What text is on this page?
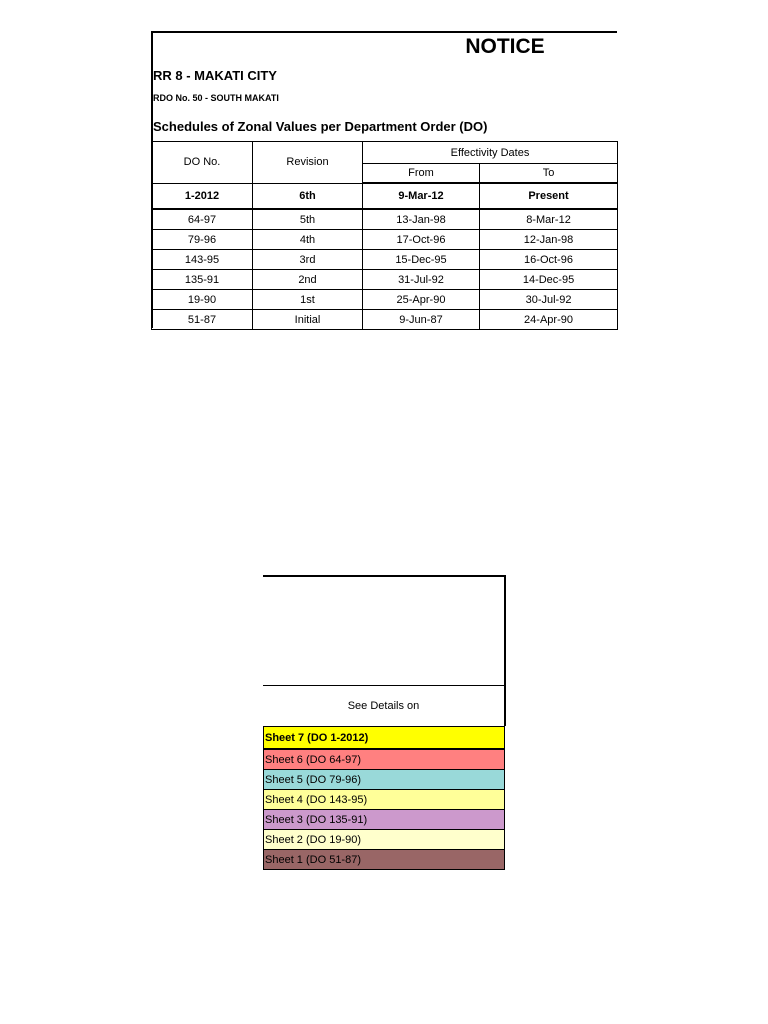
NOTICE
RR 8 - MAKATI CITY
RDO No. 50 - SOUTH MAKATI
Schedules of Zonal Values per Department Order (DO)
DO No.	Revision	Effectivity Dates	
		From	To
1-2012	6th	9-Mar-12	Present
64-97	5th	13-Jan-98	8-Mar-12
79-96	4th	17-Oct-96	12-Jan-98
143-95	3rd	15-Dec-95	16-Oct-96
135-91	2nd	31-Jul-92	14-Dec-95
19-90	1st	25-Apr-90	30-Jul-92
51-87	Initial	9-Jun-87	24-Apr-90
See Details on
Sheet 7 (DO 1-2012)
Sheet 6 (DO 64-97)
Sheet 5 (DO 79-96)
Sheet 4 (DO 143-95)
Sheet 3 (DO 135-91)
Sheet 2 (DO 19-90)
Sheet 1 (DO 51-87)
